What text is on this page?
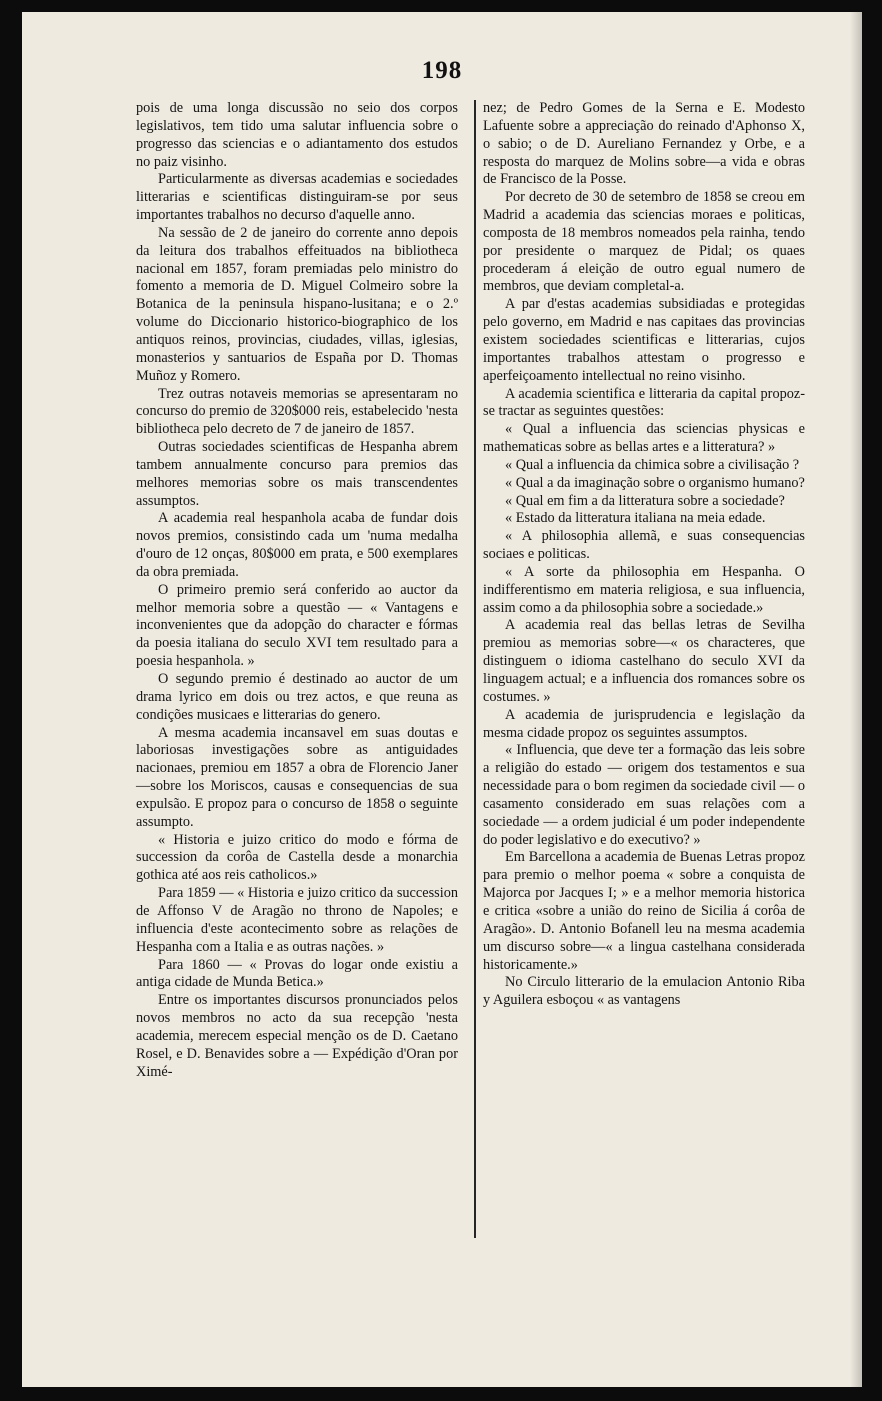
198

pois de uma longa discussão no seio dos corpos legislativos, tem tido uma salutar influencia sobre o progresso das sciencias e o adiantamento dos estudos no paiz visinho.

Particularmente as diversas academias e sociedades litterarias e scientificas distinguiram-se por seus importantes trabalhos no decurso d'aquelle anno.

Na sessão de 2 de janeiro do corrente anno depois da leitura dos trabalhos effeituados na bibliotheca nacional em 1857, foram premiadas pelo ministro do fomento a memoria de D. Miguel Colmeiro sobre la Botanica de la peninsula hispano-lusitana; e o 2.º volume do Diccionario historico-biographico de los antiquos reinos, provincias, ciudades, villas, iglesias, monasterios y santuarios de España por D. Thomas Muñoz y Romero.

Trez outras notaveis memorias se apresentaram no concurso do premio de 320$000 reis, estabelecido 'nesta bibliotheca pelo decreto de 7 de janeiro de 1857.

Outras sociedades scientificas de Hespanha abrem tambem annualmente concurso para premios das melhores memorias sobre os mais transcendentes assumptos.

A academia real hespanhola acaba de fundar dois novos premios, consistindo cada um 'numa medalha d'ouro de 12 onças, 80$000 em prata, e 500 exemplares da obra premiada.

O primeiro premio será conferido ao auctor da melhor memoria sobre a questão — « Vantagens e inconvenientes que da adopção do character e fórmas da poesia italiana do seculo XVI tem resultado para a poesia hespanhola. »

O segundo premio é destinado ao auctor de um drama lyrico em dois ou trez actos, e que reuna as condições musicaes e litterarias do genero.

A mesma academia incansavel em suas doutas e laboriosas investigações sobre as antiguidades nacionaes, premiou em 1857 a obra de Florencio Janer—sobre los Moriscos, causas e consequencias de sua expulsão. E propoz para o concurso de 1858 o seguinte assumpto.

« Historia e juizo critico do modo e fórma de succession da corôa de Castella desde a monarchia gothica até aos reis catholicos.»

Para 1859 — « Historia e juizo critico da succession de Affonso V de Aragão no throno de Napoles; e influencia d'este acontecimento sobre as relações de Hespanha com a Italia e as outras nações. »

Para 1860 — « Provas do logar onde existiu a antiga cidade de Munda Betica.»

Entre os importantes discursos pronunciados pelos novos membros no acto da sua recepção 'nesta academia, merecem especial menção os de D. Caetano Rosel, e D. Benavides sobre a — Expédição d'Oran por Ximé-

nez; de Pedro Gomes de la Serna e E. Modesto Lafuente sobre a appreciação do reinado d'Aphonso X, o sabio; o de D. Aureliano Fernandez y Orbe, e a resposta do marquez de Molins sobre—a vida e obras de Francisco de la Posse.

Por decreto de 30 de setembro de 1858 se creou em Madrid a academia das sciencias moraes e politicas, composta de 18 membros nomeados pela rainha, tendo por presidente o marquez de Pidal; os quaes procederam á eleição de outro egual numero de membros, que deviam completal-a.

A par d'estas academias subsidiadas e protegidas pelo governo, em Madrid e nas capitaes das provincias existem sociedades scientificas e litterarias, cujos importantes trabalhos attestam o progresso e aperfeiçoamento intellectual no reino visinho.

A academia scientifica e litteraria da capital propoz-se tractar as seguintes questões:

« Qual a influencia das sciencias physicas e mathematicas sobre as bellas artes e a litteratura? »

« Qual a influencia da chimica sobre a civilisação ?

« Qual a da imaginação sobre o organismo humano?

« Qual em fim a da litteratura sobre a sociedade?

« Estado da litteratura italiana na meia edade.

« A philosophia allemã, e suas consequencias sociaes e politicas.

« A sorte da philosophia em Hespanha. O indifferentismo em materia religiosa, e sua influencia, assim como a da philosophia sobre a sociedade.»

A academia real das bellas letras de Sevilha premiou as memorias sobre—« os characteres, que distinguem o idioma castelhano do seculo XVI da linguagem actual; e a influencia dos romances sobre os costumes. »

A academia de jurisprudencia e legislação da mesma cidade propoz os seguintes assumptos.

« Influencia, que deve ter a formação das leis sobre a religião do estado — origem dos testamentos e sua necessidade para o bom regimen da sociedade civil — o casamento considerado em suas relações com a sociedade — a ordem judicial é um poder independente do poder legislativo e do executivo? »

Em Barcellona a academia de Buenas Letras propoz para premio o melhor poema « sobre a conquista de Majorca por Jacques I; » e a melhor memoria historica e critica «sobre a união do reino de Sicilia á corôa de Aragão». D. Antonio Bofanell leu na mesma academia um discurso sobre—« a lingua castelhana considerada historicamente.»

No Circulo litterario de la emulacion Antonio Riba y Aguilera esboçou « as vantagens
